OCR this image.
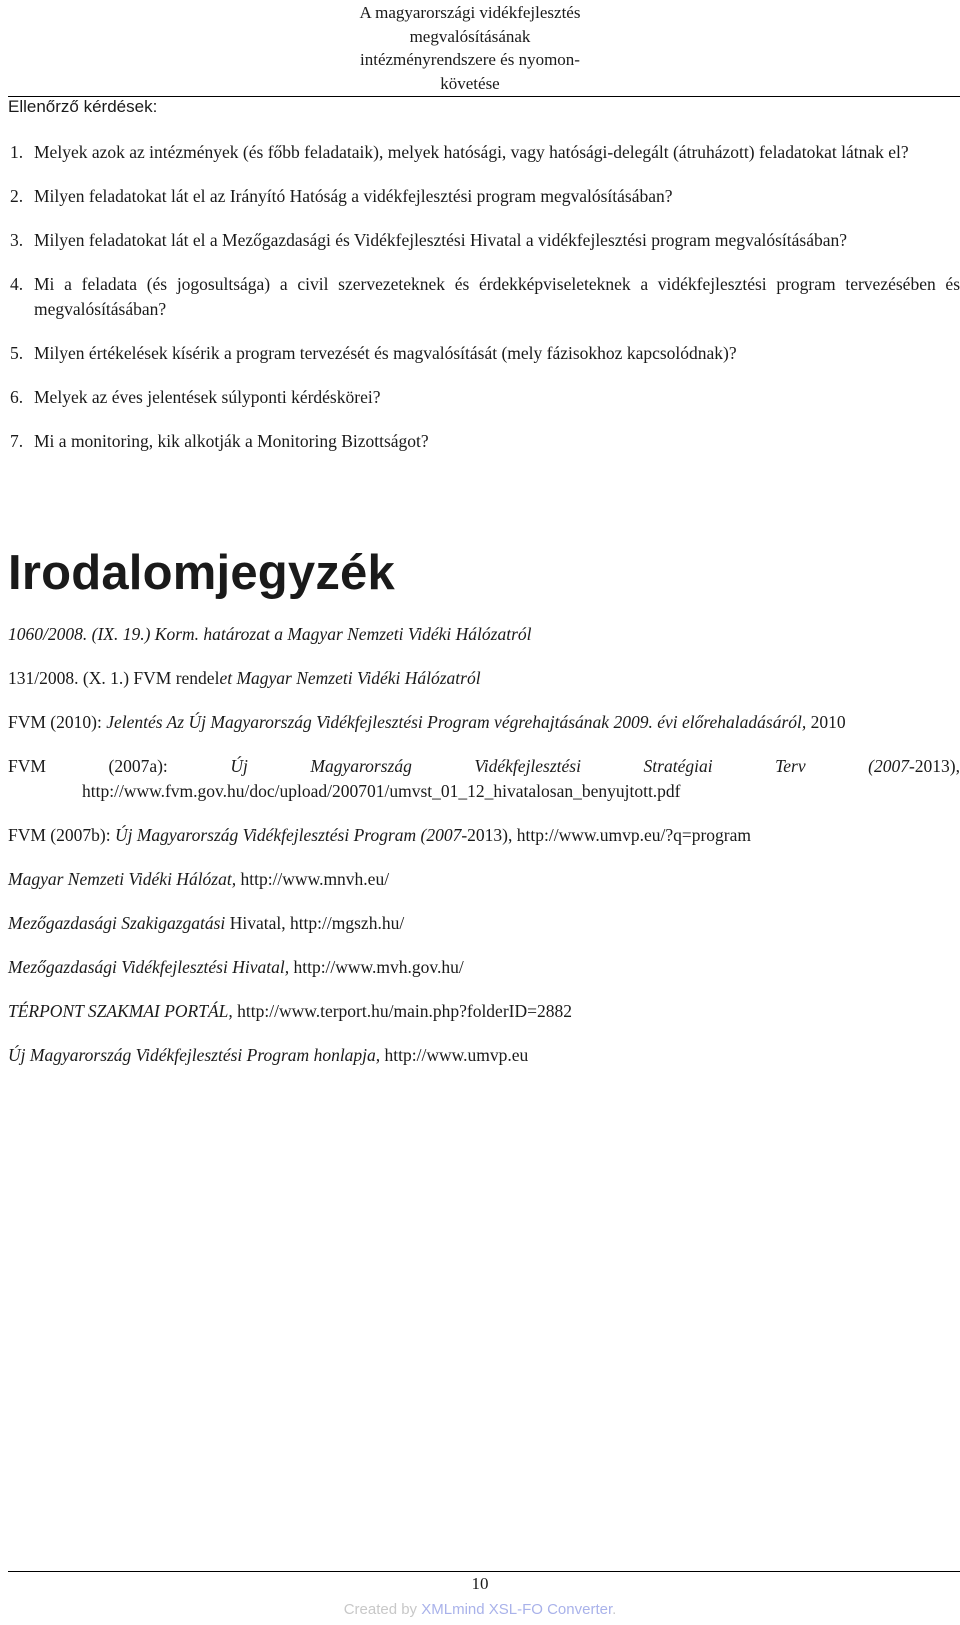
A magyarországi vidékfejlesztés
megvalósításának
intézményrendszere és nyomon-
követése
Ellenőrző kérdések:

1. Melyek azok az intézmények (és főbb feladataik), melyek hatósági, vagy hatósági-delegált (átruházott) feladatokat látnak el?

2. Milyen feladatokat lát el az Irányító Hatóság a vidékfejlesztési program megvalósításában?

3. Milyen feladatokat lát el a Mezőgazdasági és Vidékfejlesztési Hivatal a vidékfejlesztési program megvalósításában?

4. Mi a feladata (és jogosultsága) a civil szervezeteknek és érdekképviseleteknek a vidékfejlesztési program tervezésében és megvalósításában?

5. Milyen értékelések kísérik a program tervezését és magvalósítását (mely fázisokhoz kapcsolódnak)?

6. Melyek az éves jelentések súlyponti kérdéskörei?

7. Mi a monitoring, kik alkotják a Monitoring Bizottságot?

Irodalomjegyzék

1060/2008. (IX. 19.) Korm. határozat a Magyar Nemzeti Vidéki Hálózatról

131/2008. (X. 1.) FVM rendelet Magyar Nemzeti Vidéki Hálózatról

FVM (2010): Jelentés Az Új Magyarország Vidékfejlesztési Program végrehajtásának 2009. évi előrehaladásáról, 2010

FVM (2007a): Új Magyarország Vidékfejlesztési Stratégiai Terv (2007-2013), http://www.fvm.gov.hu/doc/upload/200701/umvst_01_12_hivatalosan_benyujtott.pdf

FVM (2007b): Új Magyarország Vidékfejlesztési Program (2007-2013), http://www.umvp.eu/?q=program

Magyar Nemzeti Vidéki Hálózat, http://www.mnvh.eu/

Mezőgazdasági Szakigazgatási Hivatal, http://mgszh.hu/

Mezőgazdasági Vidékfejlesztési Hivatal, http://www.mvh.gov.hu/

TÉRPONT SZAKMAI PORTÁL, http://www.terport.hu/main.php?folderID=2882

Új Magyarország Vidékfejlesztési Program honlapja, http://www.umvp.eu

10
Created by XMLmind XSL-FO Converter.
